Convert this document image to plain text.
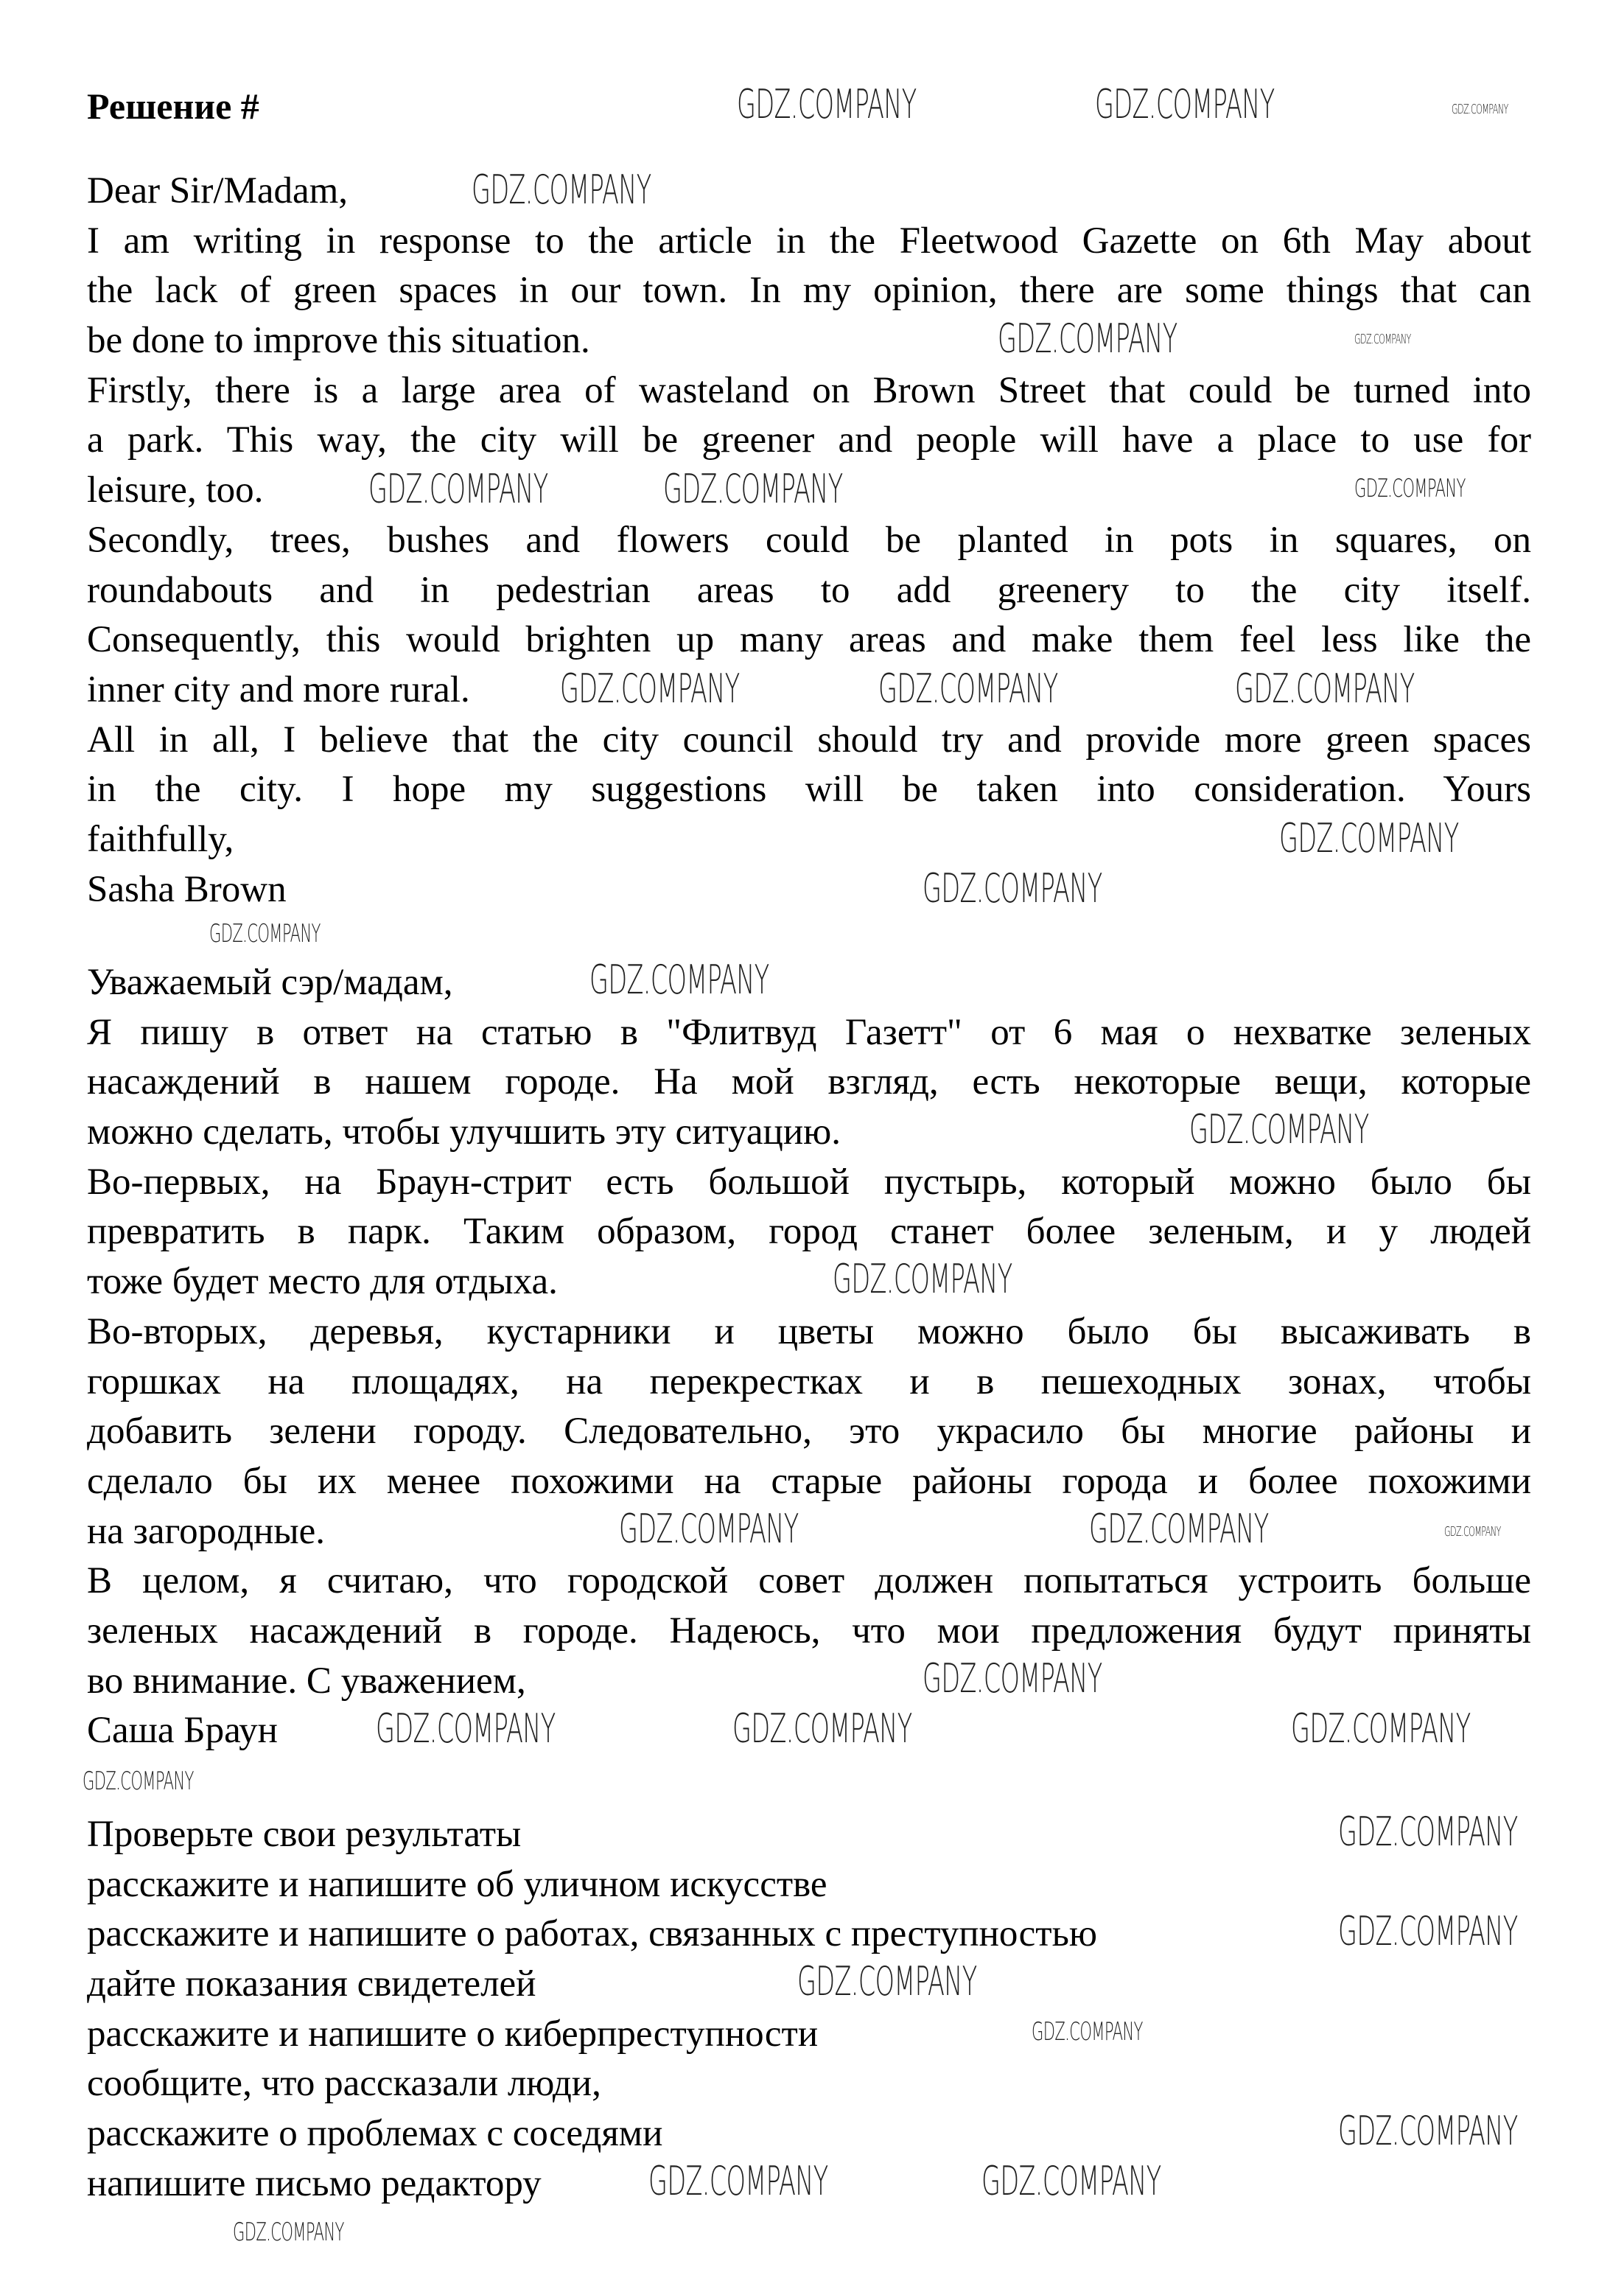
Решение #
Dear Sir/Madam,
I am writing in response to the article in the Fleetwood Gazette on 6th May about
the lack of green spaces in our town. In my opinion, there are some things that can
be done to improve this situation.
Firstly, there is a large area of wasteland on Brown Street that could be turned into
a park. This way, the city will be greener and people will have a place to use for
leisure, too.
Secondly, trees, bushes and flowers could be planted in pots in squares, on
roundabouts and in pedestrian areas to add greenery to the city itself.
Consequently, this would brighten up many areas and make them feel less like the
inner city and more rural.
All in all, I believe that the city council should try and provide more green spaces
in the city. I hope my suggestions will be taken into consideration. Yours
faithfully,
Sasha Brown
Уважаемый сэр/мадам,
Я пишу в ответ на статью в "Флитвуд Газетт" от 6 мая о нехватке зеленых
насаждений в нашем городе. На мой взгляд, есть некоторые вещи, которые
можно сделать, чтобы улучшить эту ситуацию.
Во-первых, на Браун-стрит есть большой пустырь, который можно было бы
превратить в парк. Таким образом, город станет более зеленым, и у людей
тоже будет место для отдыха.
Во-вторых, деревья, кустарники и цветы можно было бы высаживать в
горшках на площадях, на перекрестках и в пешеходных зонах, чтобы
добавить зелени городу. Следовательно, это украсило бы многие районы и
сделало бы их менее похожими на старые районы города и более похожими
на загородные.
В целом, я считаю, что городской совет должен попытаться устроить больше
зеленых насаждений в городе. Надеюсь, что мои предложения будут приняты
во внимание. С уважением,
Саша Браун
Проверьте свои результаты
расскажите и напишите об уличном искусстве
расскажите и напишите о работах, связанных с преступностью
дайте показания свидетелей
расскажите и напишите о киберпреступности
сообщите, что рассказали люди,
расскажите о проблемах с соседями
напишите письмо редактору
GDZ.COMPANY	GDZ.COMPANY	GDZ.COMPANY
GDZ.COMPANY
GDZ.COMPANY	GDZ.COMPANY
GDZ.COMPANY	GDZ.COMPANY	GDZ.COMPANY
GDZ.COMPANY	GDZ.COMPANY	GDZ.COMPANY
GDZ.COMPANY
GDZ.COMPANY
GDZ.COMPANY
GDZ.COMPANY
GDZ.COMPANY
GDZ.COMPANY
GDZ.COMPANY	GDZ.COMPANY	GDZ.COMPANY
GDZ.COMPANY
GDZ.COMPANY	GDZ.COMPANY	GDZ.COMPANY
GDZ.COMPANY
GDZ.COMPANY
GDZ.COMPANY
GDZ.COMPANY
GDZ.COMPANY
GDZ.COMPANY
GDZ.COMPANY	GDZ.COMPANY
GDZ.COMPANY
